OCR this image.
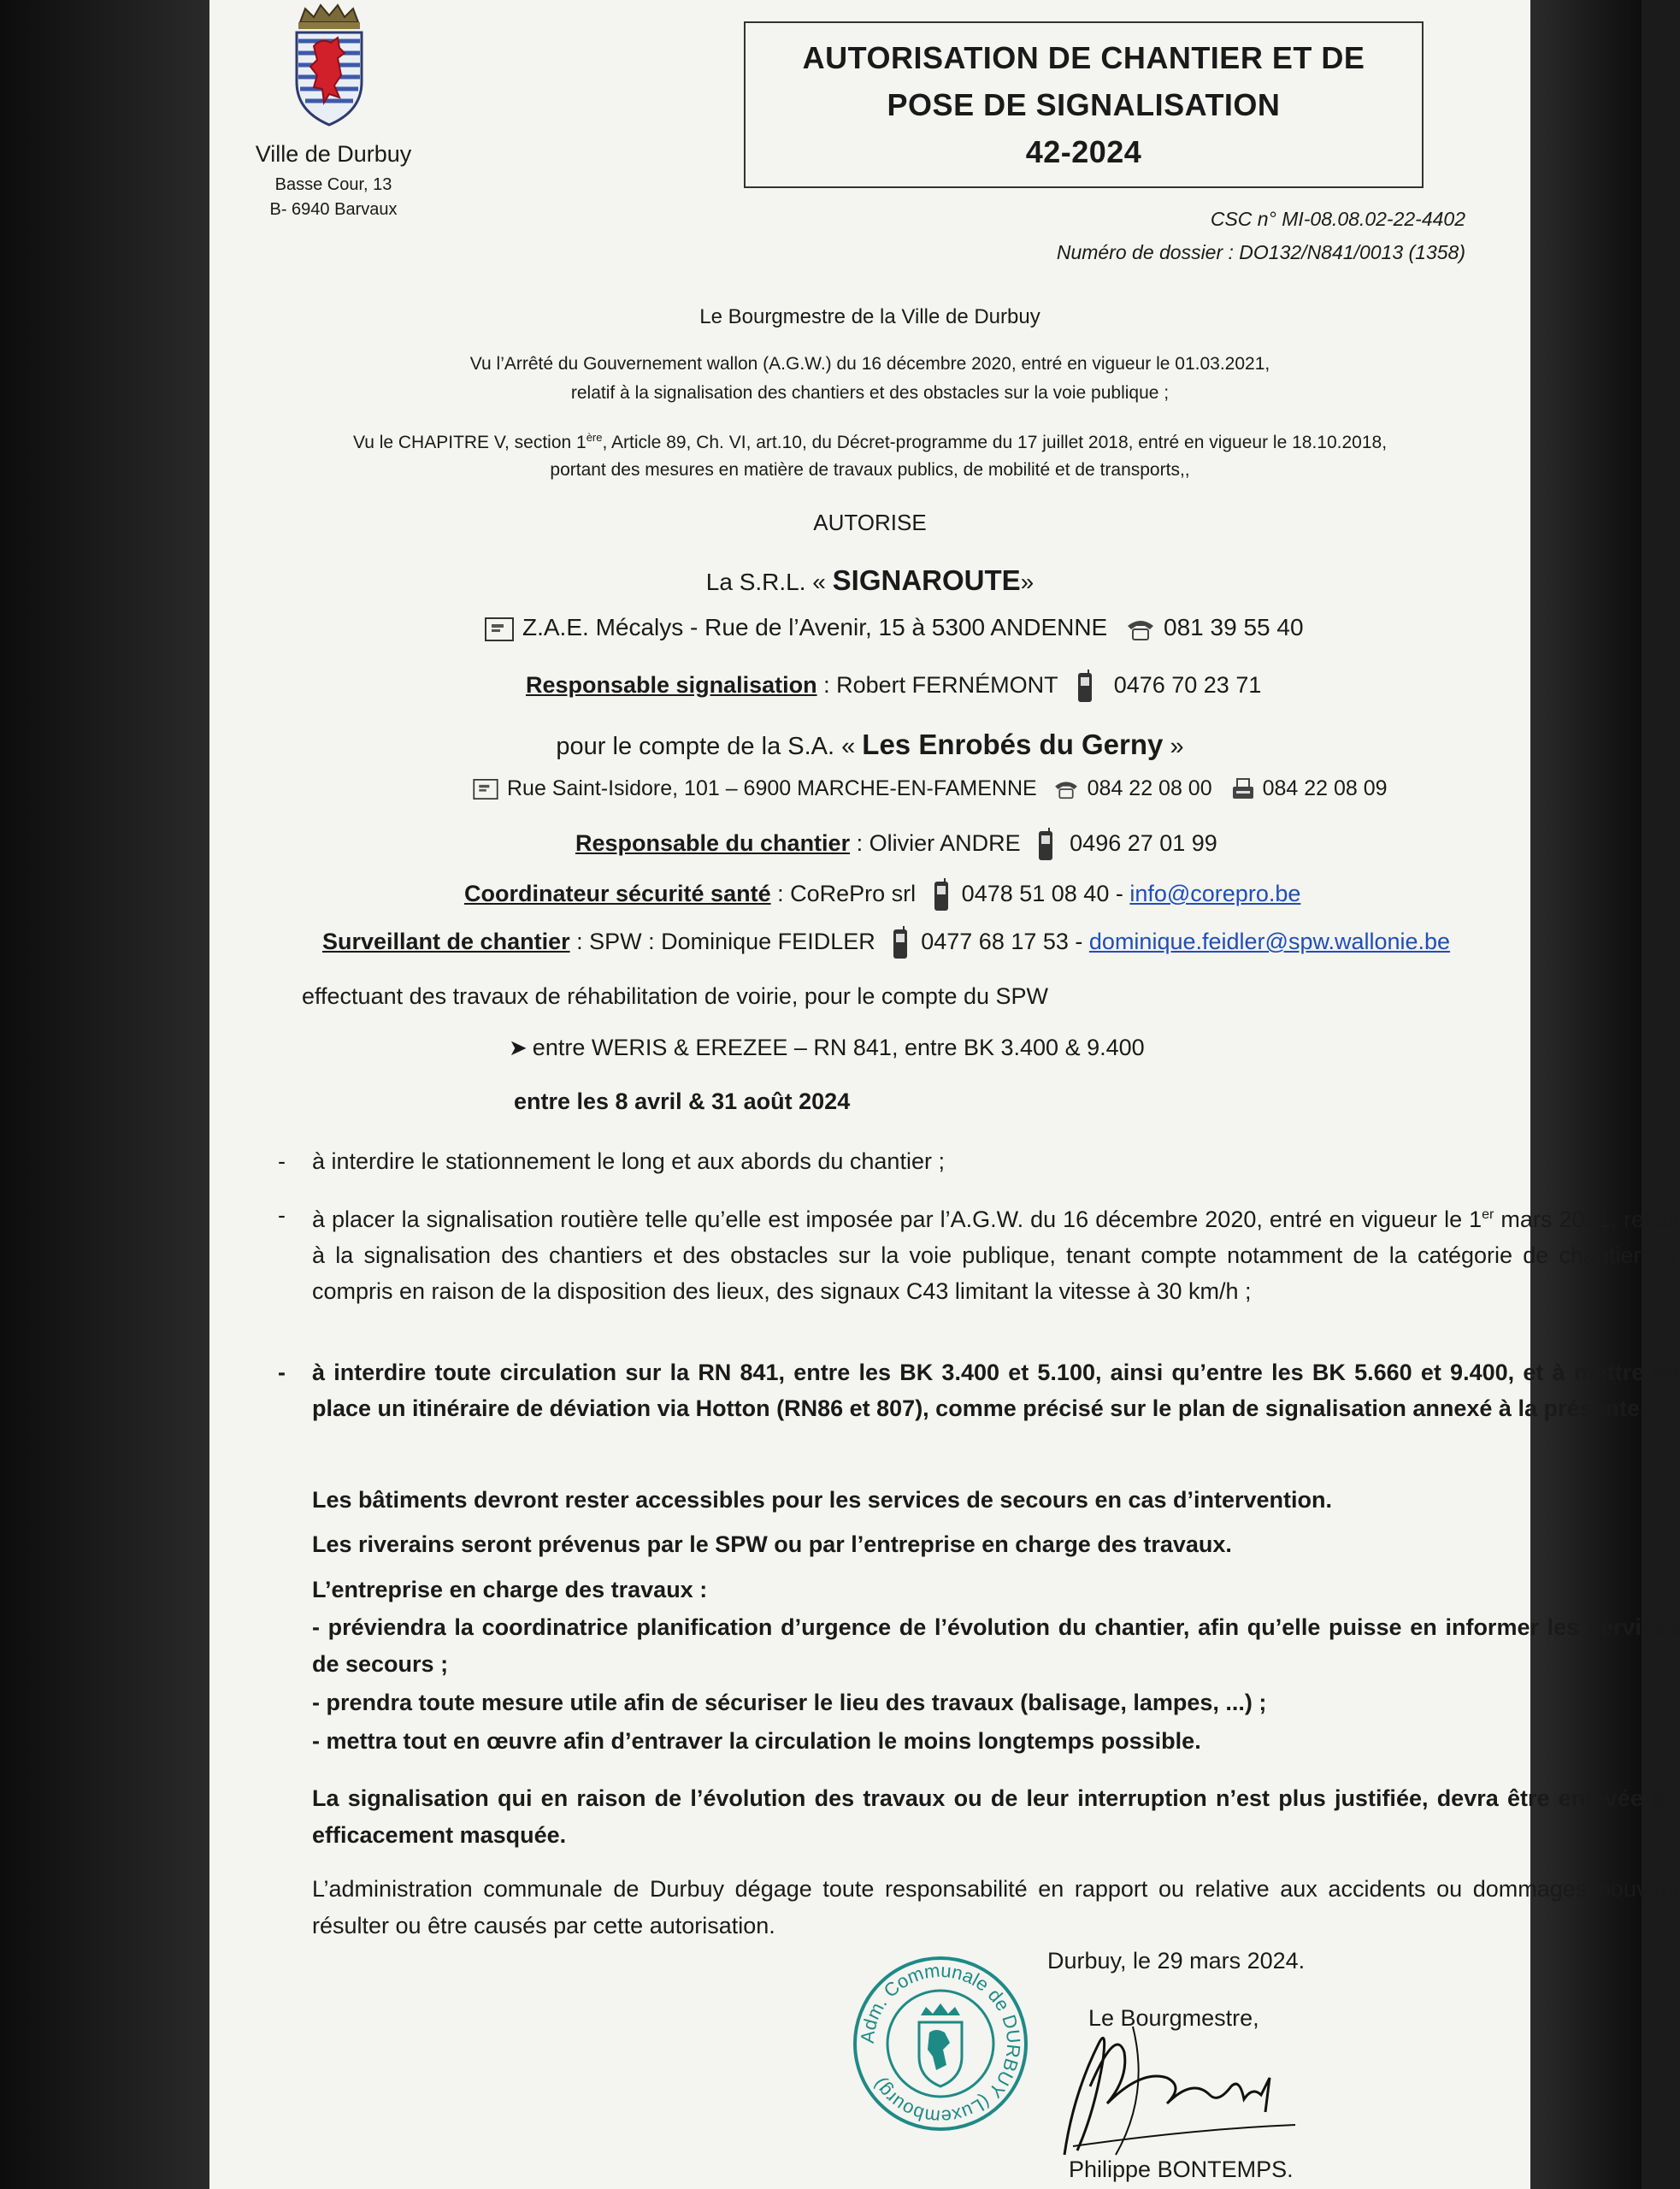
Ville de Durbuy
Basse Cour, 13
B- 6940 Barvaux
AUTORISATION DE CHANTIER ET DE
POSE DE SIGNALISATION
42-2024
CSC n° MI-08.08.02-22-4402
Numéro de dossier : DO132/N841/0013 (1358)
Le Bourgmestre de la Ville de Durbuy
Vu l’Arrêté du Gouvernement wallon (A.G.W.) du 16 décembre 2020, entré en vigueur le 01.03.2021,
relatif à la signalisation des chantiers et des obstacles sur la voie publique ;
Vu le CHAPITRE V, section 1ère, Article 89, Ch. VI, art.10, du Décret-programme du 17 juillet 2018, entré en vigueur le 18.10.2018,
portant des mesures en matière de travaux publics, de mobilité et de transports,,
AUTORISE
La S.R.L. « SIGNAROUTE»
Z.A.E. Mécalys - Rue de l’Avenir, 15 à 5300 ANDENNE 081 39 55 40
Responsable signalisation : Robert FERNÉMONT 0476 70 23 71
pour le compte de la S.A. « Les Enrobés du Gerny »
Rue Saint-Isidore, 101 – 6900 MARCHE-EN-FAMENNE 084 22 08 00 084 22 08 09
Responsable du chantier : Olivier ANDRE 0496 27 01 99
Coordinateur sécurité santé : CoRePro srl 0478 51 08 40 - info@corepro.be
Surveillant de chantier : SPW : Dominique FEIDLER 0477 68 17 53 - dominique.feidler@spw.wallonie.be
effectuant des travaux de réhabilitation de voirie, pour le compte du SPW
➤ entre WERIS & EREZEE – RN 841, entre BK 3.400 & 9.400
entre les 8 avril & 31 août 2024
- à interdire le stationnement le long et aux abords du chantier ;
- à placer la signalisation routière telle qu’elle est imposée par l’A.G.W. du 16 décembre 2020, entré en vigueur le 1er mars 2021, relatif à la signalisation des chantiers et des obstacles sur la voie publique, tenant compte notamment de la catégorie de chantier ; y compris en raison de la disposition des lieux, des signaux C43 limitant la vitesse à 30 km/h ;
- à interdire toute circulation sur la RN 841, entre les BK 3.400 et 5.100, ainsi qu’entre les BK 5.660 et 9.400, et à mettre en place un itinéraire de déviation via Hotton (RN86 et 807), comme précisé sur le plan de signalisation annexé à la présente.
Les bâtiments devront rester accessibles pour les services de secours en cas d’intervention.
Les riverains seront prévenus par le SPW ou par l’entreprise en charge des travaux.
L’entreprise en charge des travaux :
- préviendra la coordinatrice planification d’urgence de l’évolution du chantier, afin qu’elle puisse en informer les services de secours ;
- prendra toute mesure utile afin de sécuriser le lieu des travaux (balisage, lampes, ...) ;
- mettra tout en œuvre afin d’entraver la circulation le moins longtemps possible.
La signalisation qui en raison de l’évolution des travaux ou de leur interruption n’est plus justifiée, devra être enlevée ou efficacement masquée.
L’administration communale de Durbuy dégage toute responsabilité en rapport ou relative aux accidents ou dommages pouvant résulter ou être causés par cette autorisation.
Durbuy, le 29 mars 2024.
Le Bourgmestre,
Adm. Communale de DURBUY (Luxembourg)
Philippe BONTEMPS.
